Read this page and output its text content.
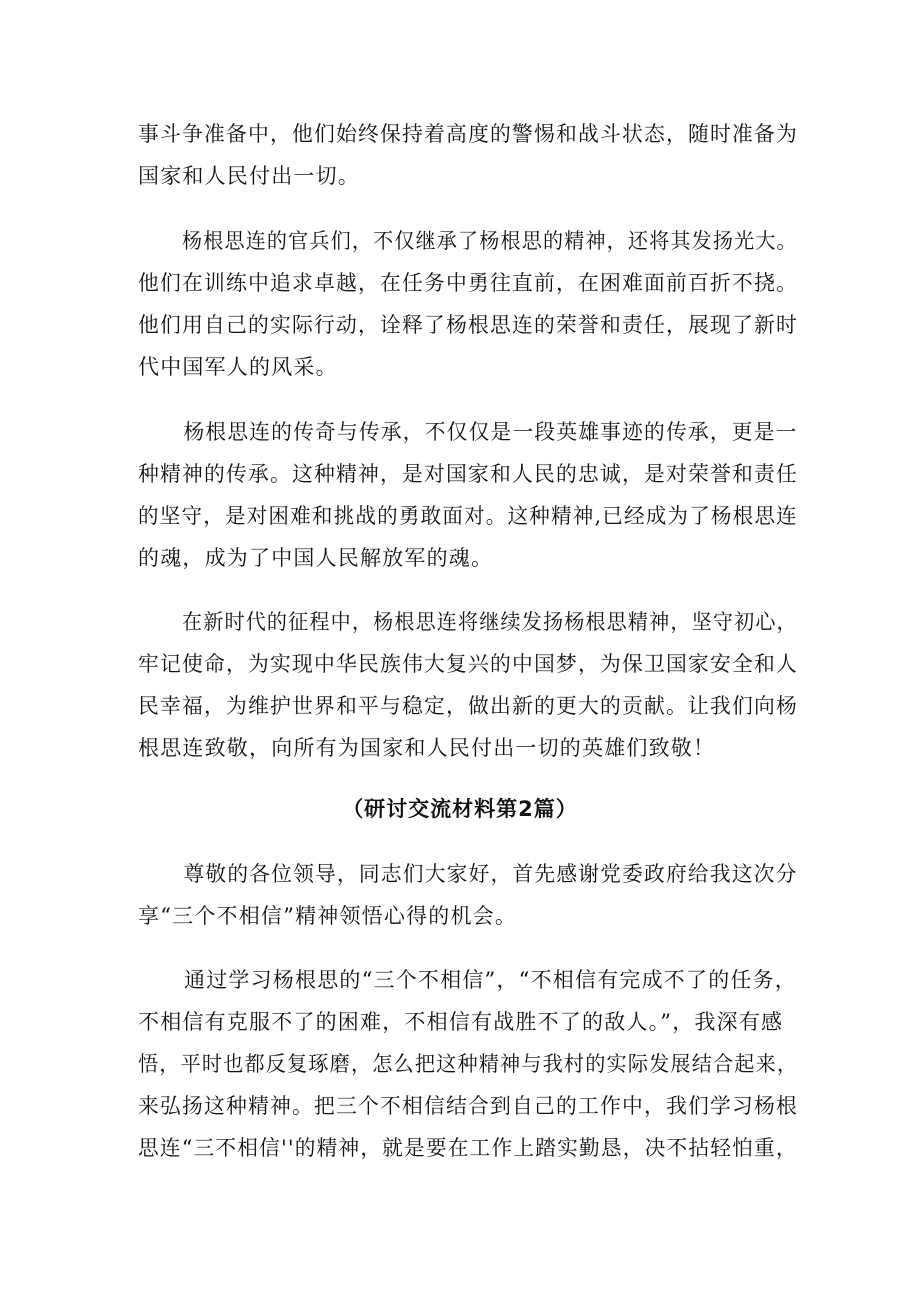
事斗争准备中，他们始终保持着高度的警惕和战斗状态，随时准备为
国家和人民付出一切。
杨根思连的官兵们，不仅继承了杨根思的精神，还将其发扬光大。
他们在训练中追求卓越，在任务中勇往直前，在困难面前百折不挠。
他们用自己的实际行动，诠释了杨根思连的荣誉和责任，展现了新时
代中国军人的风采。
杨根思连的传奇与传承，不仅仅是一段英雄事迹的传承，更是一
种精神的传承。这种精神，是对国家和人民的忠诚，是对荣誉和责任
的坚守，是对困难和挑战的勇敢面对。这种精神,已经成为了杨根思连
的魂，成为了中国人民解放军的魂。
在新时代的征程中，杨根思连将继续发扬杨根思精神，坚守初心，
牢记使命，为实现中华民族伟大复兴的中国梦，为保卫国家安全和人
民幸福，为维护世界和平与稳定，做出新的更大的贡献。让我们向杨
根思连致敬，向所有为国家和人民付出一切的英雄们致敬！
（研讨交流材料第2篇）
尊敬的各位领导，同志们大家好，首先感谢党委政府给我这次分
享“三个不相信”精神领悟心得的机会。
通过学习杨根思的“三个不相信”，“不相信有完成不了的任务，
不相信有克服不了的困难，不相信有战胜不了的敌人。”，我深有感
悟，平时也都反复琢磨，怎么把这种精神与我村的实际发展结合起来，
来弘扬这种精神。把三个不相信结合到自己的工作中，我们学习杨根
思连“三不相信''的精神，就是要在工作上踏实勤恳，决不拈轻怕重，
